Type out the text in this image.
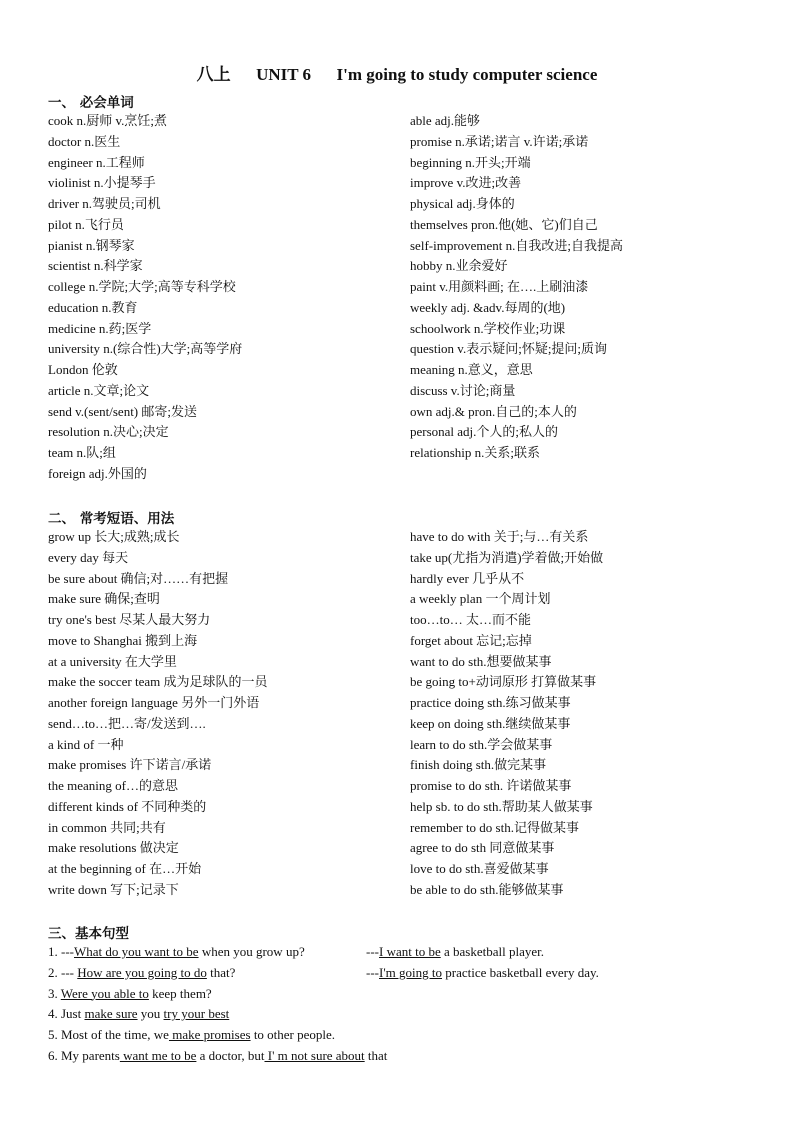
八上      UNIT 6      I'm going to study computer science
一、 必会单词
cook n.厨师 v.烹饪;煮
doctor n.医生
engineer n.工程师
violinist n.小提琴手
driver n.驾驶员;司机
pilot n.飞行员
pianist n.钢琴家
scientist n.科学家
college n.学院;大学;高等专科学校
education n.教育
medicine n.药;医学
university n.(综合性)大学;高等学府
London 伦敦
article n.文章;论文
send v.(sent/sent) 邮寄;发送
resolution n.决心;决定
team n.队;组
foreign adj.外国的
able adj.能够
promise n.承诺;诺言 v.许诺;承诺
beginning n.开头;开端
improve v.改进;改善
physical adj.身体的
themselves pron.他(她、它)们自己
self-improvement n.自我改进;自我提高
hobby n.业余爱好
paint v.用颜料画; 在….上刷油漆
weekly adj. &adv.每周的(地)
schoolwork n.学校作业;功课
question v.表示疑问;怀疑;提问;质询
meaning n.意义，意思
discuss v.讨论;商量
own adj.& pron.自己的;本人的
personal adj.个人的;私人的
relationship n.关系;联系
二、 常考短语、用法
grow up 长大;成熟;成长
every day 每天
be sure about 确信;对……有把握
make sure 确保;查明
try one's best 尽某人最大努力
move to Shanghai 搬到上海
at a university 在大学里
make the soccer team 成为足球队的一员
another foreign language 另外一门外语
send…to…把…寄/发送到….
a kind of 一种
make promises 许下诺言/承诺
the meaning of…的意思
different kinds of 不同种类的
in common 共同;共有
make resolutions 做决定
at the beginning of 在…开始
write down 写下;记录下
have to do with 关于;与…有关系
take up(尤指为消遣)学着做;开始做
hardly ever 几乎从不
a weekly plan 一个周计划
too…to… 太…而不能
forget about 忘记;忘掉
want to do sth.想要做某事
be going to+动词原形 打算做某事
practice doing sth.练习做某事
keep on doing sth.继续做某事
learn to do sth.学会做某事
finish doing sth.做完某事
promise to do sth. 许诺做某事
help sb. to do sth.帮助某人做某事
remember to do sth.记得做某事
agree to do sth 同意做某事
love to do sth.喜爱做某事
be able to do sth.能够做某事
三、基本句型
1. ---What do you want to be when you grow up?	---I want to be a basketball player.
2. --- How are you going to do that?	---I'm going to practice basketball every day.
3. Were you able to keep them?
4. Just make sure you try your best
5. Most of the time, we make promises to other people.
6. My parents want me to be a doctor, but I' m not sure about that
